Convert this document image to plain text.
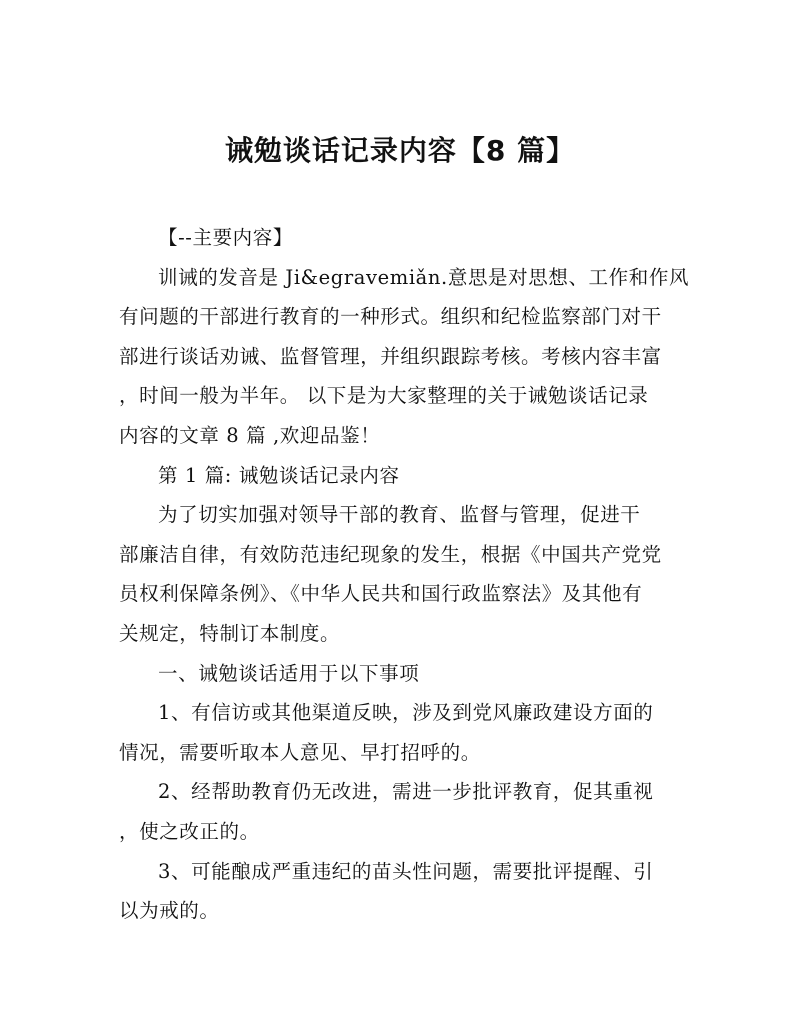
诫勉谈话记录内容【8 篇】

【--主要内容】

训诫的发音是 Ji&egravemiǎn.意思是对思想、工作和作风

有问题的干部进行教育的一种形式。组织和纪检监察部门对干

部进行谈话劝诫、监督管理，并组织跟踪考核。考核内容丰富

，时间一般为半年。 以下是为大家整理的关于诫勉谈话记录

内容的文章 8 篇 ,欢迎品鉴！

第 1 篇: 诫勉谈话记录内容

为了切实加强对领导干部的教育、监督与管理，促进干

部廉洁自律，有效防范违纪现象的发生，根据《中国共产党党

员权利保障条例》、《中华人民共和国行政监察法》及其他有

关规定，特制订本制度。

一、诫勉谈话适用于以下事项

1、有信访或其他渠道反映，涉及到党风廉政建设方面的

情况，需要听取本人意见、早打招呼的。

2、经帮助教育仍无改进，需进一步批评教育，促其重视

，使之改正的。

3、可能酿成严重违纪的苗头性问题，需要批评提醒、引

以为戒的。
